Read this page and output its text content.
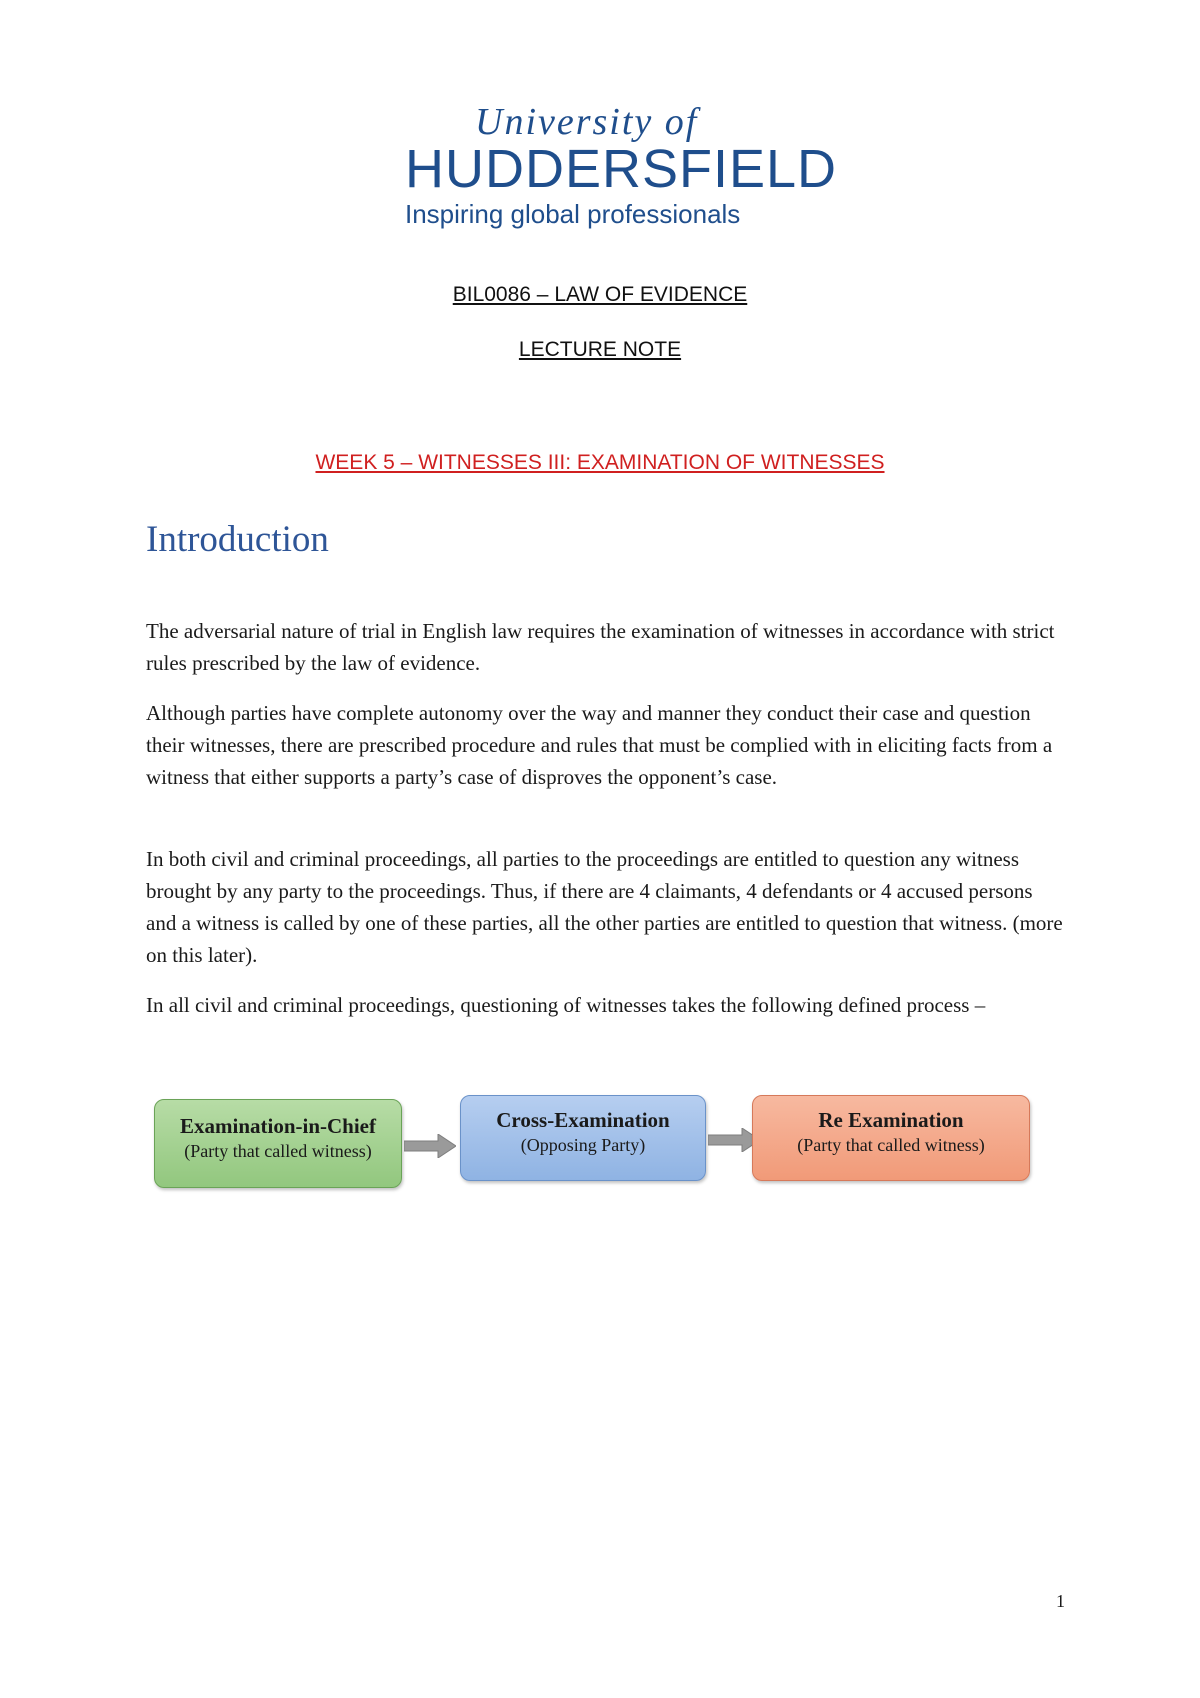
University of
HUDDERSFIELD
Inspiring global professionals
BIL0086 – LAW OF EVIDENCE
LECTURE NOTE
WEEK 5 – WITNESSES III: EXAMINATION OF WITNESSES
Introduction

The adversarial nature of trial in English law requires the examination of witnesses in accordance with strict rules prescribed by the law of evidence.

Although parties have complete autonomy over the way and manner they conduct their case and question their witnesses, there are prescribed procedure and rules that must be complied with in eliciting facts from a witness that either supports a party’s case of disproves the opponent’s case.

In both civil and criminal proceedings, all parties to the proceedings are entitled to question any witness brought by any party to the proceedings. Thus, if there are 4 claimants, 4 defendants or 4 accused persons and a witness is called by one of these parties, all the other parties are entitled to question that witness. (more on this later).

In all civil and criminal proceedings, questioning of witnesses takes the following defined process –

Examination-in-Chief
(Party that called witness)
Cross-Examination
(Opposing Party)
Re Examination
(Party that called witness)
1
